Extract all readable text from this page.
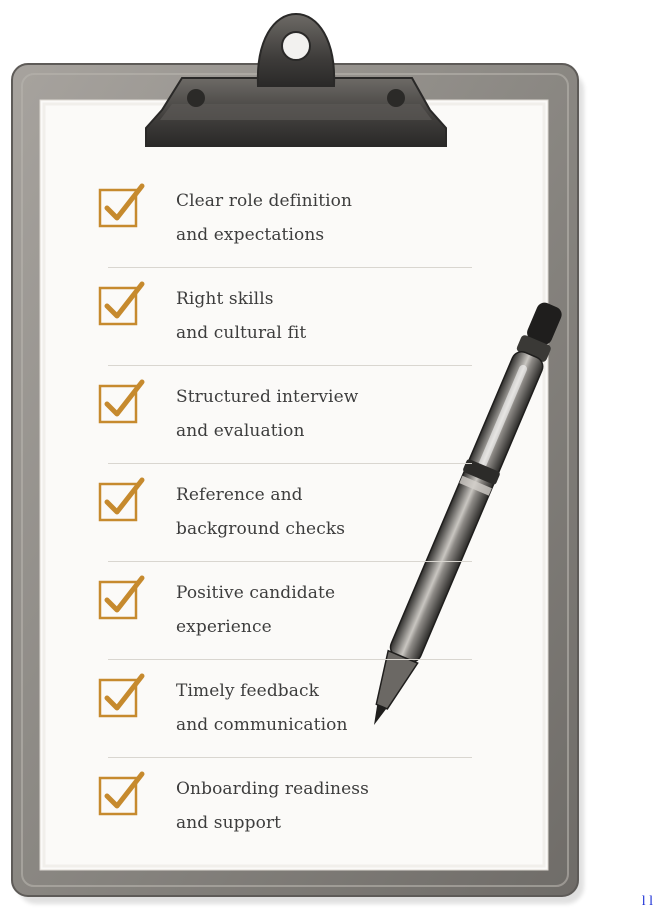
Clear role definition
and expectations
Right skills
and cultural fit
Structured interview
and evaluation
Reference and
background checks
Positive candidate
experience
Timely feedback
and communication
Onboarding readiness
and support
l l
